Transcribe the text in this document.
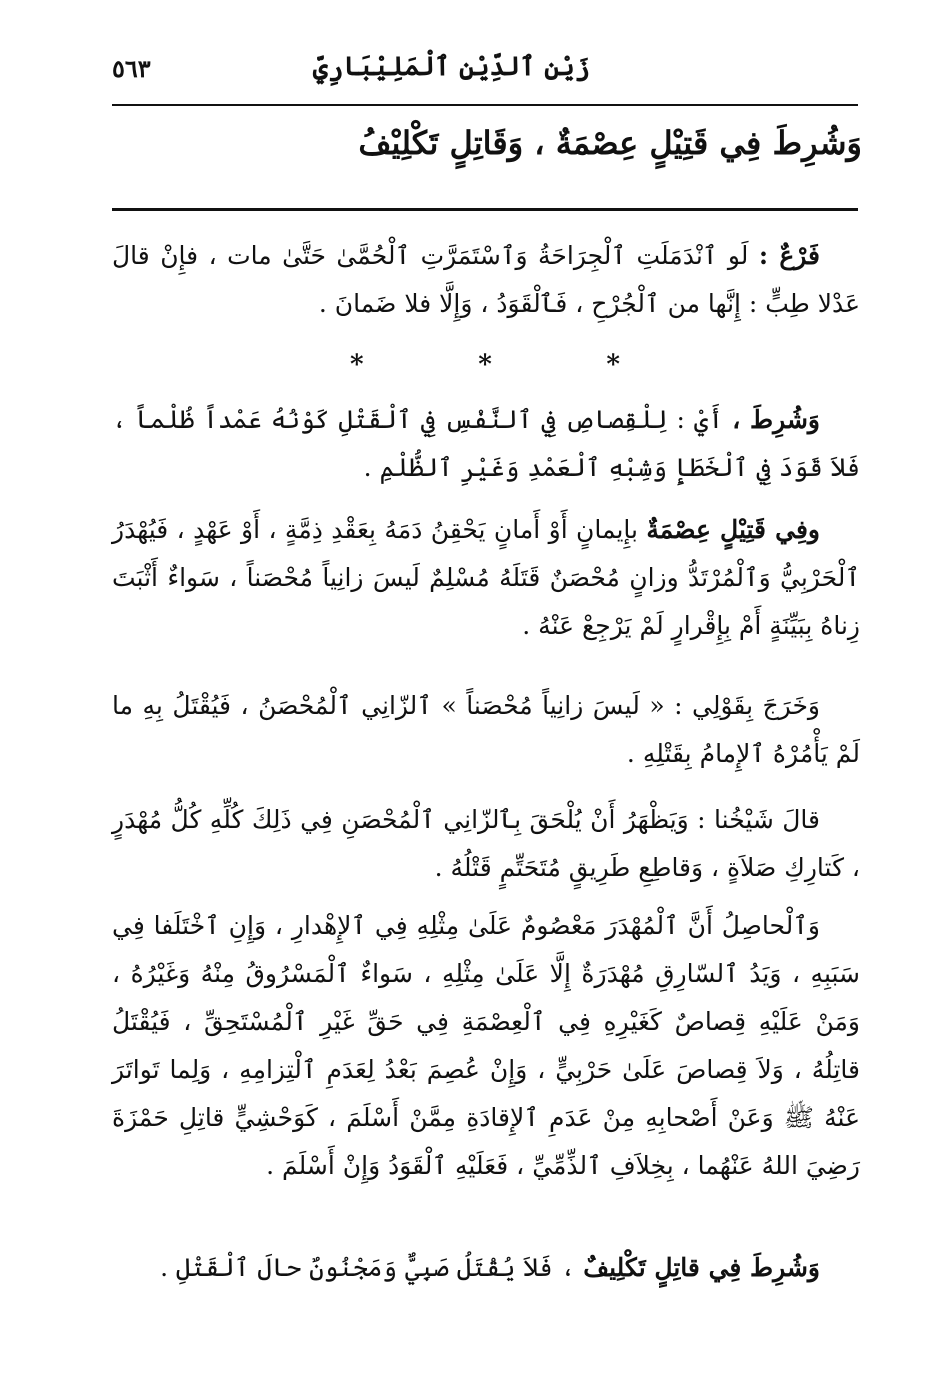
زَيْن ٱلدِّيْنِ ٱلْمَلِيْبَارِيِّ
٥٦٣
وَشُرِطَ فِي قَتِيْلٍ عِصْمَةٌ ، وَقَاتِلٍ تَكْلِيْفُ
فَرْعٌ : لَو ٱنْدَمَلَتِ ٱلْجِرَاحَةُ وَٱسْتَمَرَّتِ ٱلْحُمَّىٰ حَتَّىٰ مات ، فإِنْ قالَ عَدْلا طِبٍّ : إِنَّها من ٱلْجُرْحِ ، فَٱلْقَوَدُ ، وَإِلَّا فلا ضَمانَ .
*	*	*
وَشُرِطَ ، أَيْ : لِلْقِصاصِ فِي ٱلنَّفْسِ فِي ٱلْقَتْلِ كَوْنُهُ عَمْداً ظُلْماً ، فَلاَ قَوَدَ فِي ٱلْخَطَإِ وَشِبْهِ ٱلْعَمْدِ وَغَيْرِ ٱلظُّلْمِ .
وفِي قَتِيْلٍ عِصْمَةٌ بإِيمانٍ أَوْ أَمانٍ يَحْقِنُ دَمَهُ بِعَقْدِ ذِمَّةٍ ، أَوْ عَهْدٍ ، فَيُهْدَرُ ٱلْحَرْبِيُّ وَٱلْمُرْتَدُّ وزانٍ مُحْصَنٌ قَتَلَهُ مُسْلِمٌ لَيسَ زانِياً مُحْصَناً ، سَواءٌ أَثْبَتَ زِناهُ بِبَيِّنَةٍ أَمْ بِإِقْرارٍ لَمْ يَرْجِعْ عَنْهُ .
وَخَرَجَ بِقَوْلِي : « لَيسَ زانِياً مُحْصَناً » ٱلزّانِي ٱلْمُحْصَنُ ، فَيُقْتَلُ بِهِ ما لَمْ يَأْمُرْهُ ٱلإِمامُ بِقَتْلِهِ .
قالَ شَيْخُنا : وَيَظْهَرُ أَنْ يُلْحَقَ بِٱلزّانِي ٱلْمُحْصَنِ فِي ذَلِكَ كُلِّهِ كُلُّ مُهْدَرٍ ، كَتارِكِ صَلاَةٍ ، وَقاطِعِ طَرِيقٍ مُتَحَتِّمٍ قَتْلُهُ .
وَٱلْحاصِلُ أَنَّ ٱلْمُهْدَرَ مَعْصُومٌ عَلَىٰ مِثْلِهِ فِي ٱلإِهْدارِ ، وَإِنِ ٱخْتَلَفا فِي سَبَبِهِ ، وَيَدُ ٱلسّارِقِ مُهْدَرَةٌ إِلَّا عَلَىٰ مِثْلِهِ ، سَواءٌ ٱلْمَسْرُوقُ مِنْهُ وَغَيْرُهُ ، وَمَنْ عَلَيْهِ قِصاصٌ كَغَيْرِهِ فِي ٱلْعِصْمَةِ فِي حَقِّ غَيْرِ ٱلْمُسْتَحِقِّ ، فَيُقْتَلُ قاتِلُهُ ، وَلاَ قِصاصَ عَلَىٰ حَرْبِيٍّ ، وَإِنْ عُصِمَ بَعْدُ لِعَدَمِ ٱلْتِزامِهِ ، وَلِما تَواتَرَ عَنْهُ ﷺ وَعَنْ أَصْحابِهِ مِنْ عَدَمِ ٱلإِقادَةِ مِمَّنْ أَسْلَمَ ، كَوَحْشِيٍّ قاتِلِ حَمْزَةَ رَضِيَ اللهُ عَنْهُما ، بِخِلاَفِ ٱلذِّمِّيِّ ، فَعَلَيْهِ ٱلْقَوَدُ وَإِنْ أَسْلَمَ .
وَشُرِطَ فِي قاتِلٍ تَكْلِيفٌ ، فَلاَ يُقْتَلُ صَبِيٌّ وَمَجْنُونٌ حالَ ٱلْقَتْلِ .
